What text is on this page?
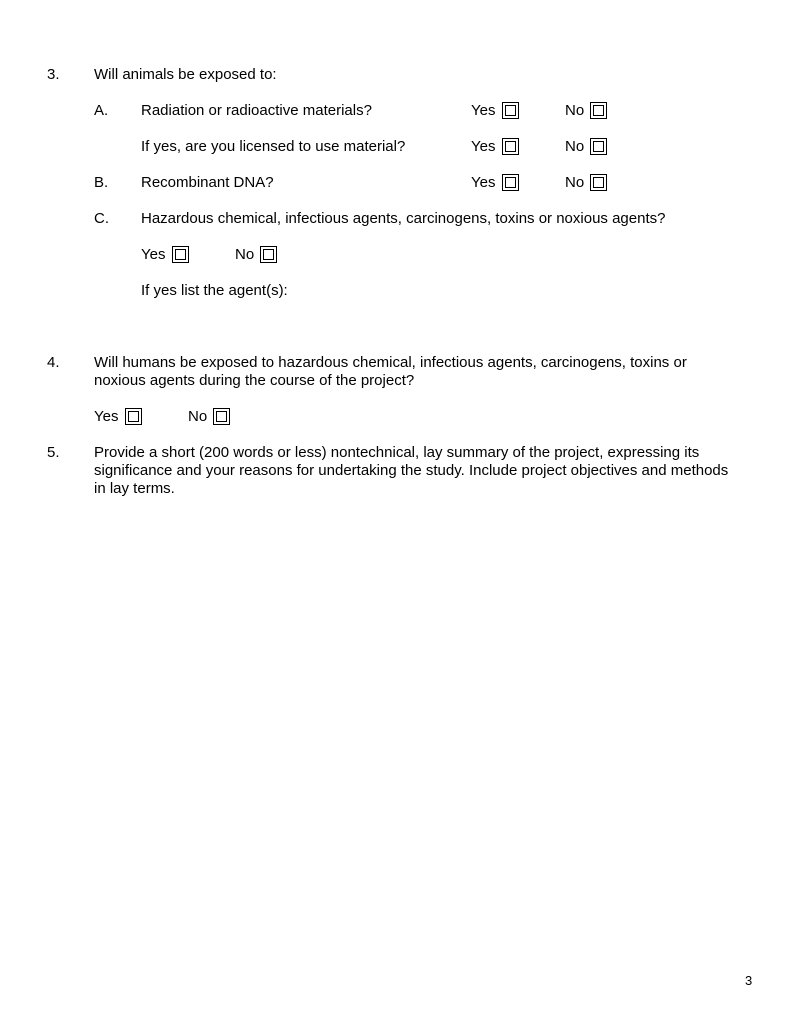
3. Will animals be exposed to:
A. Radiation or radioactive materials?	Yes	No
If yes, are you licensed to use material?	Yes	No
B. Recombinant DNA?	Yes	No
C. Hazardous chemical, infectious agents, carcinogens, toxins or noxious agents?
Yes	No
If yes list the agent(s):
4. Will humans be exposed to hazardous chemical, infectious agents, carcinogens, toxins or noxious agents during the course of the project?
Yes	No
5. Provide a short (200 words or less) nontechnical, lay summary of the project, expressing its significance and your reasons for undertaking the study. Include project objectives and methods in lay terms.
3
